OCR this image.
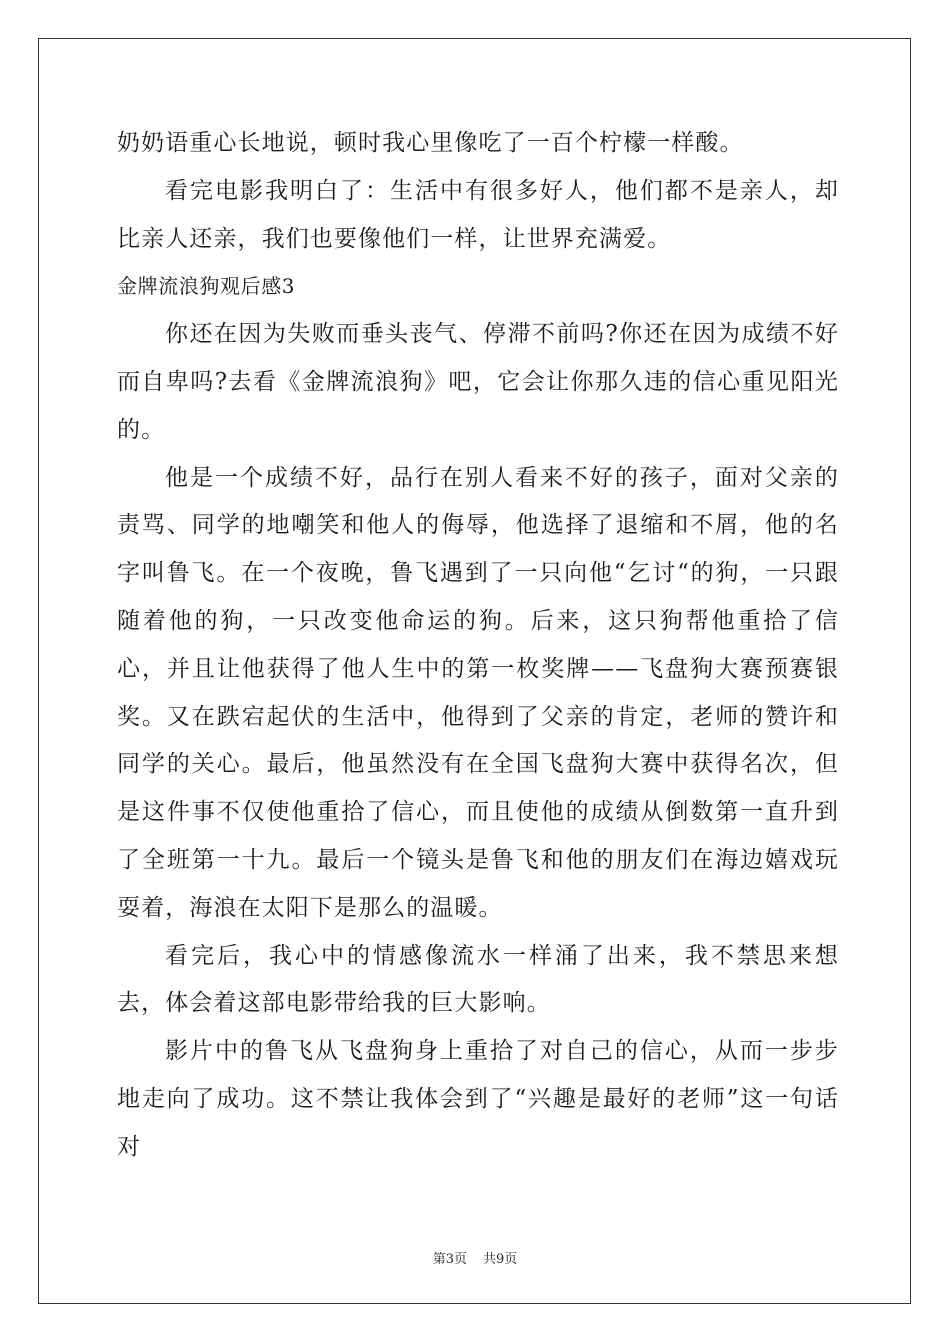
奶奶语重心长地说，顿时我心里像吃了一百个柠檬一样酸。

看完电影我明白了：生活中有很多好人，他们都不是亲人，却比亲人还亲，我们也要像他们一样，让世界充满爱。

金牌流浪狗观后感3

你还在因为失败而垂头丧气、停滞不前吗?你还在因为成绩不好而自卑吗?去看《金牌流浪狗》吧，它会让你那久违的信心重见阳光的。

他是一个成绩不好，品行在别人看来不好的孩子，面对父亲的责骂、同学的地嘲笑和他人的侮辱，他选择了退缩和不屑，他的名字叫鲁飞。在一个夜晚，鲁飞遇到了一只向他“乞讨“的狗，一只跟随着他的狗，一只改变他命运的狗。后来，这只狗帮他重拾了信心，并且让他获得了他人生中的第一枚奖牌——飞盘狗大赛预赛银奖。又在跌宕起伏的生活中，他得到了父亲的肯定，老师的赞许和同学的关心。最后，他虽然没有在全国飞盘狗大赛中获得名次，但是这件事不仅使他重拾了信心，而且使他的成绩从倒数第一直升到了全班第一十九。最后一个镜头是鲁飞和他的朋友们在海边嬉戏玩耍着，海浪在太阳下是那么的温暖。

看完后，我心中的情感像流水一样涌了出来，我不禁思来想去，体会着这部电影带给我的巨大影响。

影片中的鲁飞从飞盘狗身上重拾了对自己的信心，从而一步步地走向了成功。这不禁让我体会到了“兴趣是最好的老师”这一句话对

第3页 共9页
